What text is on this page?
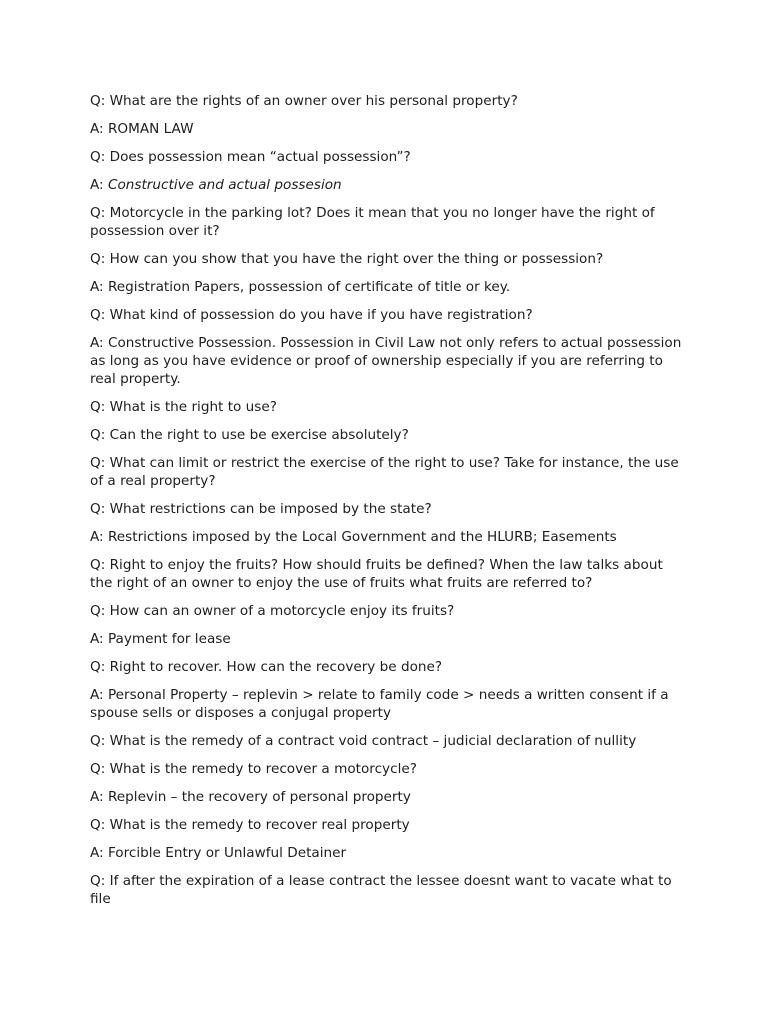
Q: What are the rights of an owner over his personal property?

A: ROMAN LAW

Q: Does possession mean “actual possession”?

A: Constructive and actual possesion

Q: Motorcycle in the parking lot? Does it mean that you no longer have the right of possession over it?

Q: How can you show that you have the right over the thing or possession?

A: Registration Papers, possession of certificate of title or key.

Q: What kind of possession do you have if you have registration?

A: Constructive Possession. Possession in Civil Law not only refers to actual possession as long as you have evidence or proof of ownership especially if you are referring to real property.

Q: What is the right to use?

Q: Can the right to use be exercise absolutely?

Q: What can limit or restrict the exercise of the right to use? Take for instance, the use of a real property?

Q: What restrictions can be imposed by the state?

A: Restrictions imposed by the Local Government and the HLURB; Easements

Q: Right to enjoy the fruits? How should fruits be defined? When the law talks about the right of an owner to enjoy the use of fruits what fruits are referred to?

Q: How can an owner of a motorcycle enjoy its fruits?

A: Payment for lease

Q: Right to recover. How can the recovery be done?

A: Personal Property – replevin > relate to family code > needs a written consent if a spouse sells or disposes a conjugal property

Q: What is the remedy of a contract void contract – judicial declaration of nullity

Q: What is the remedy to recover a motorcycle?

A: Replevin – the recovery of personal property

Q: What is the remedy to recover real property

A: Forcible Entry or Unlawful Detainer

Q: If after the expiration of a lease contract the lessee doesnt want to vacate what to file
